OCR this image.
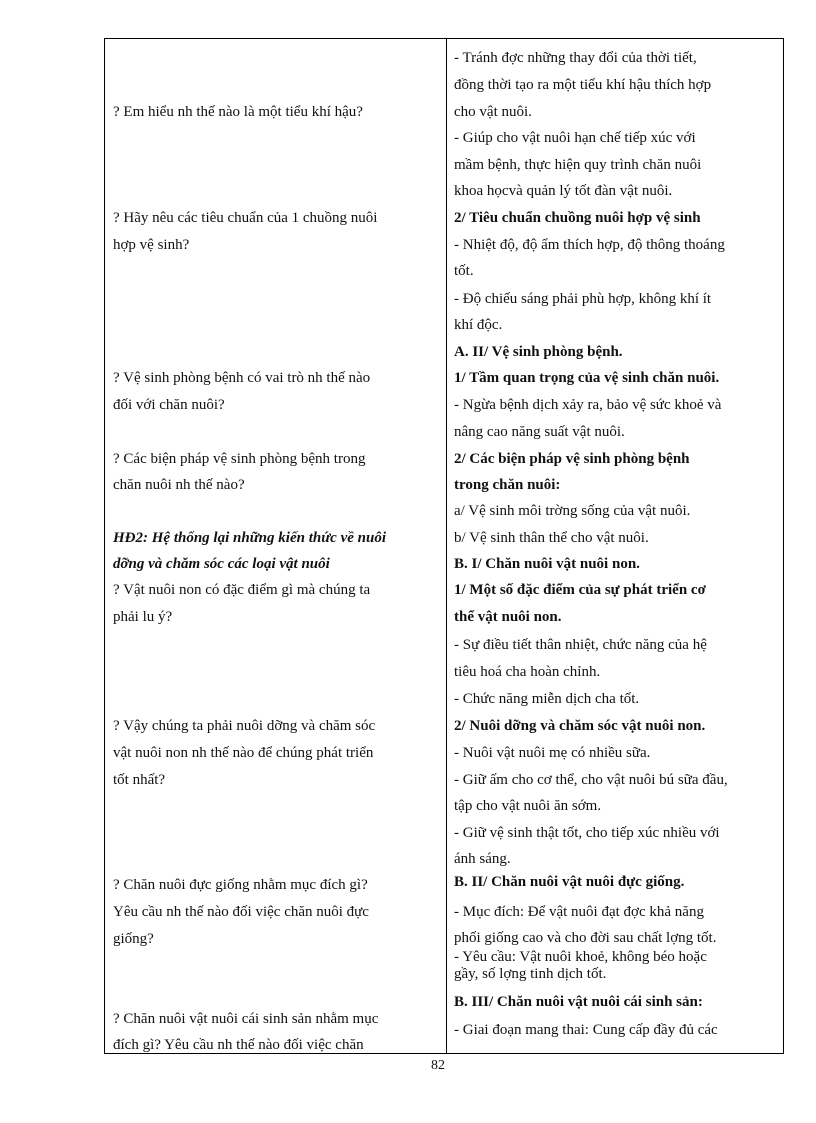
? Em hiểu nh thế nào là một tiểu khí hậu?
? Hãy nêu các tiêu chuẩn của 1 chuồng nuôi
hợp vệ sinh?
? Vệ sinh phòng bệnh có vai trò nh thế nào
đối với chăn nuôi?
? Các biện pháp vệ sinh phòng bệnh trong
chăn nuôi nh thế nào?
HĐ2: Hệ thống lại những kiến thức về nuôi
dỡng và chăm sóc các loại vật nuôi
? Vật nuôi non có đặc điểm gì mà chúng ta
phải lu ý?
? Vậy chúng ta phải nuôi dỡng và chăm sóc
vật nuôi non nh thế nào để chúng phát triển
tốt nhất?
? Chăn nuôi đực giống nhằm mục đích gì?
Yêu cầu nh thế nào đối việc chăn nuôi đực
giống?
? Chăn nuôi vật nuôi cái sinh sản nhằm mục
đích gì? Yêu cầu nh thế nào đối việc chăn
- Tránh đợc những thay đổi của thời tiết,
đồng thời tạo ra một tiểu khí hậu thích hợp
cho vật nuôi.
- Giúp cho vật nuôi hạn chế tiếp xúc với
mầm bệnh, thực hiện quy trình chăn nuôi
khoa họcvà quản lý tốt đàn vật nuôi.
2/ Tiêu chuẩn chuồng nuôi hợp vệ sinh
- Nhiệt độ, độ ẩm thích hợp, độ thông thoáng
tốt.
- Độ chiếu sáng phải phù hợp, không khí ít
khí độc.
A. II/ Vệ sinh phòng bệnh.
1/ Tầm quan trọng của vệ sinh chăn nuôi.
- Ngừa bệnh dịch xảy ra, bảo vệ sức khoẻ và
nâng cao năng suất vật nuôi.
2/ Các biện pháp vệ sinh phòng bệnh
trong chăn nuôi:
a/ Vệ sinh môi trờng sống của vật nuôi.
b/ Vệ sinh thân thể cho vật nuôi.
B. I/ Chăn nuôi vật nuôi non.
1/ Một số đặc điểm của sự phát triển cơ
thể vật nuôi non.
- Sự điều tiết thân nhiệt, chức năng của hệ
tiêu hoá cha hoàn chỉnh.
- Chức năng miễn dịch cha tốt.
2/ Nuôi dỡng và chăm sóc vật nuôi non.
- Nuôi vật nuôi mẹ có nhiều sữa.
- Giữ ấm cho cơ thể, cho vật nuôi bú sữa đầu,
tập cho vật nuôi ăn sớm.
- Giữ vệ sinh thật tốt, cho tiếp xúc nhiều với
ánh sáng.
B. II/ Chăn nuôi vật nuôi đực giống.
- Mục đích: Để vật nuôi đạt đợc khả năng
phối giống cao và cho đời sau chất lợng tốt.
- Yêu cầu: Vật nuôi khoẻ, không béo hoặc
gầy, số lợng tinh dịch tốt.
B. III/ Chăn nuôi vật nuôi cái sinh sản:
- Giai đoạn mang thai: Cung cấp đầy đủ các
82
